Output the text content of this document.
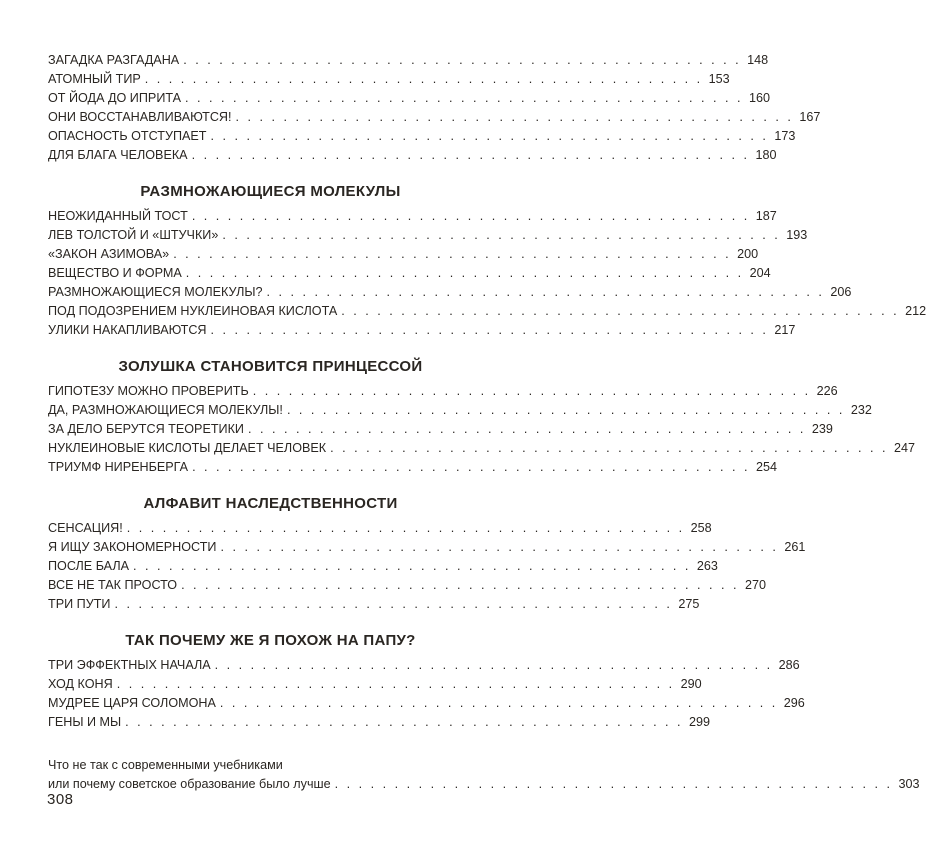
ЗАГАДКА РАЗГАДАНА . . . . . . . . . . . . . . . . . . . . . . . . . . . . . . . . . . . . . . . . . . . . . . . 148
АТОМНЫЙ ТИР . . . . . . . . . . . . . . . . . . . . . . . . . . . . . . . . . . . . . . . . . . . . . . . 153
ОТ ЙОДА ДО ИПРИТА . . . . . . . . . . . . . . . . . . . . . . . . . . . . . . . . . . . . . . . . . . . . . . . 160
ОНИ ВОССТАНАВЛИВАЮТСЯ! . . . . . . . . . . . . . . . . . . . . . . . . . . . . . . . . . . . . . . . . . . . . . . . 167
ОПАСНОСТЬ ОТСТУПАЕТ . . . . . . . . . . . . . . . . . . . . . . . . . . . . . . . . . . . . . . . . . . . . . . . 173
ДЛЯ БЛАГА ЧЕЛОВЕКА . . . . . . . . . . . . . . . . . . . . . . . . . . . . . . . . . . . . . . . . . . . . . . . 180
РАЗМНОЖАЮЩИЕСЯ МОЛЕКУЛЫ
НЕОЖИДАННЫЙ ТОСТ . . . . . . . . . . . . . . . . . . . . . . . . . . . . . . . . . . . . . . . . . . . . . . . 187
ЛЕВ ТОЛСТОЙ И «ШТУЧКИ» . . . . . . . . . . . . . . . . . . . . . . . . . . . . . . . . . . . . . . . . . . . . . . . 193
«ЗАКОН АЗИМОВА» . . . . . . . . . . . . . . . . . . . . . . . . . . . . . . . . . . . . . . . . . . . . . . . 200
ВЕЩЕСТВО И ФОРМА . . . . . . . . . . . . . . . . . . . . . . . . . . . . . . . . . . . . . . . . . . . . . . . 204
РАЗМНОЖАЮЩИЕСЯ МОЛЕКУЛЫ? . . . . . . . . . . . . . . . . . . . . . . . . . . . . . . . . . . . . . . . . . . . . . . . 206
ПОД ПОДОЗРЕНИЕМ НУКЛЕИНОВАЯ КИСЛОТА . . . . . . . . . . . . . . . . . . . . . . . . . . . . . . . . . . . . . . . . . . . . . . . 212
УЛИКИ НАКАПЛИВАЮТСЯ . . . . . . . . . . . . . . . . . . . . . . . . . . . . . . . . . . . . . . . . . . . . . . . 217
ЗОЛУШКА СТАНОВИТСЯ ПРИНЦЕССОЙ
ГИПОТЕЗУ МОЖНО ПРОВЕРИТЬ . . . . . . . . . . . . . . . . . . . . . . . . . . . . . . . . . . . . . . . . . . . . . . . 226
ДА, РАЗМНОЖАЮЩИЕСЯ МОЛЕКУЛЫ! . . . . . . . . . . . . . . . . . . . . . . . . . . . . . . . . . . . . . . . . . . . . . . . 232
ЗА ДЕЛО БЕРУТСЯ ТЕОРЕТИКИ . . . . . . . . . . . . . . . . . . . . . . . . . . . . . . . . . . . . . . . . . . . . . . . 239
НУКЛЕИНОВЫЕ КИСЛОТЫ ДЕЛАЕТ ЧЕЛОВЕК . . . . . . . . . . . . . . . . . . . . . . . . . . . . . . . . . . . . . . . . . . . . . . . 247
ТРИУМФ НИРЕНБЕРГА . . . . . . . . . . . . . . . . . . . . . . . . . . . . . . . . . . . . . . . . . . . . . . . 254
АЛФАВИТ НАСЛЕДСТВЕННОСТИ
СЕНСАЦИЯ! . . . . . . . . . . . . . . . . . . . . . . . . . . . . . . . . . . . . . . . . . . . . . . . 258
Я ИЩУ ЗАКОНОМЕРНОСТИ . . . . . . . . . . . . . . . . . . . . . . . . . . . . . . . . . . . . . . . . . . . . . . . 261
ПОСЛЕ БАЛА . . . . . . . . . . . . . . . . . . . . . . . . . . . . . . . . . . . . . . . . . . . . . . . 263
ВСЕ НЕ ТАК ПРОСТО . . . . . . . . . . . . . . . . . . . . . . . . . . . . . . . . . . . . . . . . . . . . . . . 270
ТРИ ПУТИ . . . . . . . . . . . . . . . . . . . . . . . . . . . . . . . . . . . . . . . . . . . . . . . 275
ТАК ПОЧЕМУ ЖЕ Я ПОХОЖ НА ПАПУ?
ТРИ ЭФФЕКТНЫХ НАЧАЛА . . . . . . . . . . . . . . . . . . . . . . . . . . . . . . . . . . . . . . . . . . . . . . . 286
ХОД КОНЯ . . . . . . . . . . . . . . . . . . . . . . . . . . . . . . . . . . . . . . . . . . . . . . . 290
МУДРЕЕ ЦАРЯ СОЛОМОНА . . . . . . . . . . . . . . . . . . . . . . . . . . . . . . . . . . . . . . . . . . . . . . . 296
ГЕНЫ И МЫ . . . . . . . . . . . . . . . . . . . . . . . . . . . . . . . . . . . . . . . . . . . . . . . 299
Что не так с современными учебниками
или почему советское образование было лучше . . . . . . . . . . . . . . . . . . . . . . . . . . . . . . . . . . . . . . . . . . . . . . . 303
308
